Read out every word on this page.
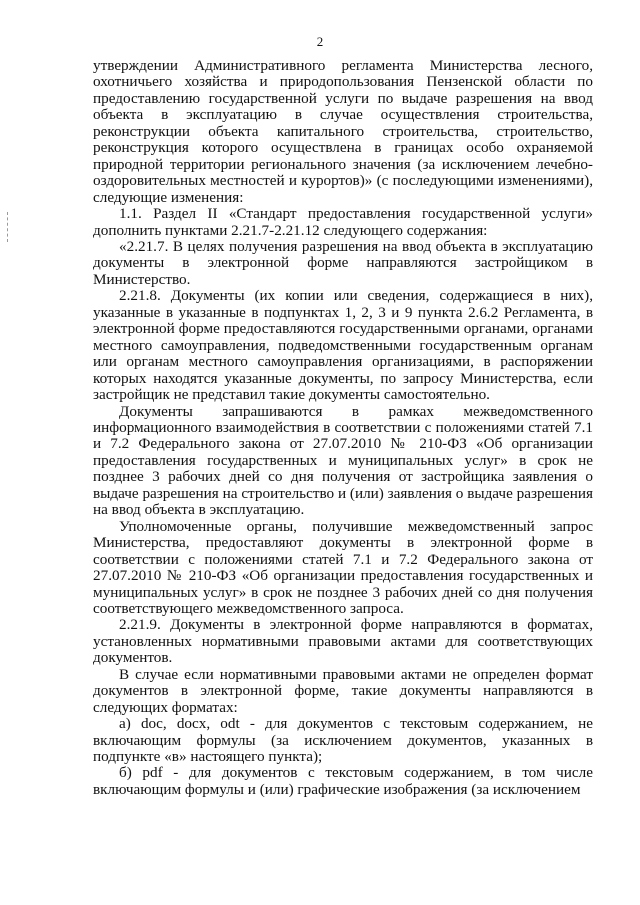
2

утверждении Административного регламента Министерства лесного, охотничьего хозяйства и природопользования Пензенской области по предоставлению государственной услуги по выдаче разрешения на ввод объекта в эксплуатацию в случае осуществления строительства, реконструкции объекта капитального строительства, строительство, реконструкция которого осуществлена в границах особо охраняемой природной территории регионального значения (за исключением лечебно-оздоровительных местностей и курортов)» (с последующими изменениями), следующие изменения:

1.1. Раздел II «Стандарт предоставления государственной услуги» дополнить пунктами 2.21.7-2.21.12 следующего содержания:

«2.21.7. В целях получения разрешения на ввод объекта в эксплуатацию документы в электронной форме направляются застройщиком в Министерство.

2.21.8. Документы (их копии или сведения, содержащиеся в них), указанные в указанные в подпунктах 1, 2, 3 и 9 пункта 2.6.2 Регламента, в электронной форме предоставляются государственными органами, органами местного самоуправления, подведомственными государственным органам или органам местного самоуправления организациями, в распоряжении которых находятся указанные документы, по запросу Министерства, если застройщик не представил такие документы самостоятельно.

Документы запрашиваются в рамках межведомственного информационного взаимодействия в соответствии с положениями статей 7.1 и 7.2 Федерального закона от 27.07.2010 № 210-ФЗ «Об организации предоставления государственных и муниципальных услуг» в срок не позднее 3 рабочих дней со дня получения от застройщика заявления о выдаче разрешения на строительство и (или) заявления о выдаче разрешения на ввод объекта в эксплуатацию.

Уполномоченные органы, получившие межведомственный запрос Министерства, предоставляют документы в электронной форме в соответствии с положениями статей 7.1 и 7.2 Федерального закона от 27.07.2010 № 210-ФЗ «Об организации предоставления государственных и муниципальных услуг» в срок не позднее 3 рабочих дней со дня получения соответствующего межведомственного запроса.

2.21.9. Документы в электронной форме направляются в форматах, установленных нормативными правовыми актами для соответствующих документов.

В случае если нормативными правовыми актами не определен формат документов в электронной форме, такие документы направляются в следующих форматах:

а) doc, docx, odt - для документов с текстовым содержанием, не включающим формулы (за исключением документов, указанных в подпункте «в» настоящего пункта);

б) pdf - для документов с текстовым содержанием, в том числе включающим формулы и (или) графические изображения (за исключением
